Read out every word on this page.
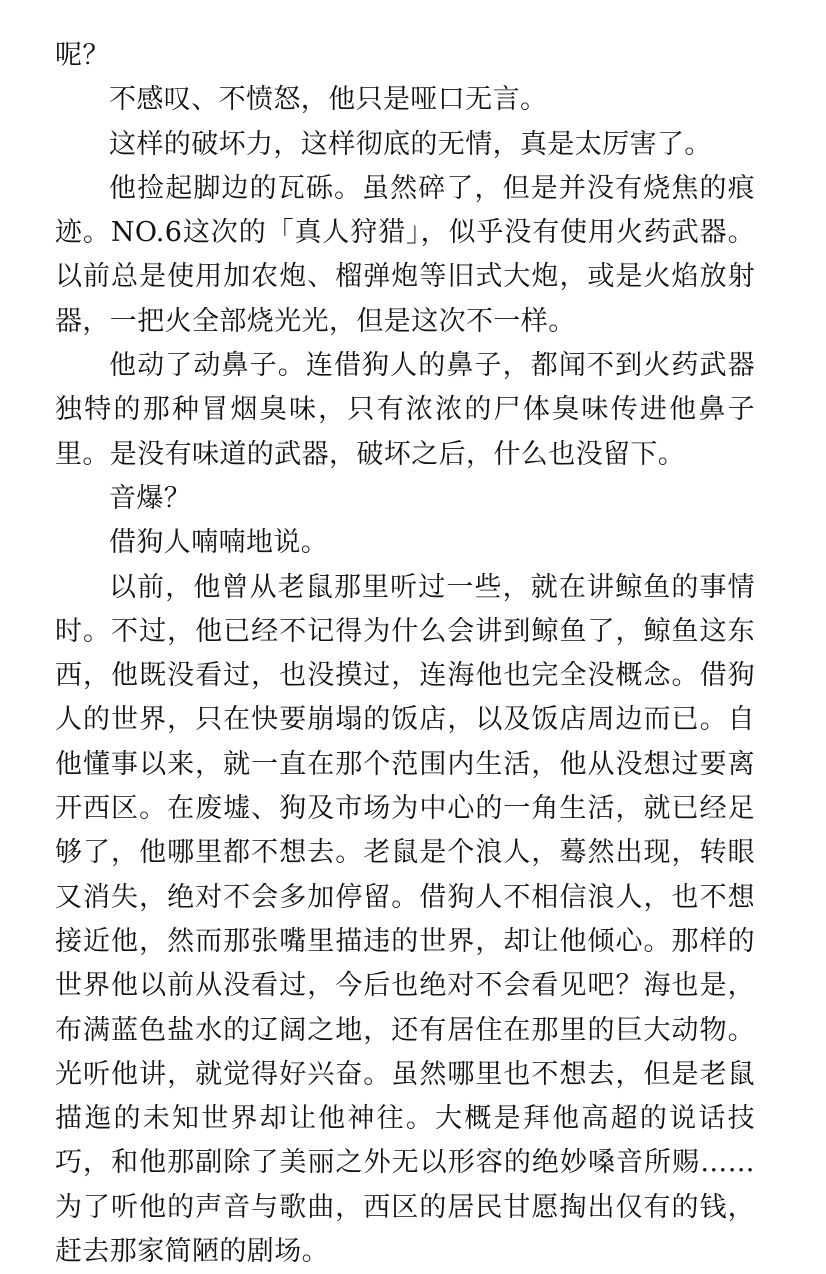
呢？

不感叹、不愤怒，他只是哑口无言。

这样的破坏力，这样彻底的无情，真是太厉害了。

他捡起脚边的瓦砾。虽然碎了，但是并没有烧焦的痕迹。NO.6这次的「真人狩猎」，似乎没有使用火药武器。以前总是使用加农炮、榴弹炮等旧式大炮，或是火焰放射器，一把火全部烧光光，但是这次不一样。

他动了动鼻子。连借狗人的鼻子，都闻不到火药武器独特的那种冒烟臭味，只有浓浓的尸体臭味传进他鼻子里。是没有味道的武器，破坏之后，什么也没留下。

音爆？

借狗人喃喃地说。

以前，他曾从老鼠那里听过一些，就在讲鲸鱼的事情时。不过，他已经不记得为什么会讲到鲸鱼了，鲸鱼这东西，他既没看过，也没摸过，连海他也完全没概念。借狗人的世界，只在快要崩塌的饭店，以及饭店周边而已。自他懂事以来，就一直在那个范围内生活，他从没想过要离开西区。在废墟、狗及市场为中心的一角生活，就已经足够了，他哪里都不想去。老鼠是个浪人，蓦然出现，转眼又消失，绝对不会多加停留。借狗人不相信浪人，也不想接近他，然而那张嘴里描违的世界，却让他倾心。那样的世界他以前从没看过，今后也绝对不会看见吧？海也是，布满蓝色盐水的辽阔之地，还有居住在那里的巨大动物。光听他讲，就觉得好兴奋。虽然哪里也不想去，但是老鼠描迤的未知世界却让他神往。大概是拜他高超的说话技巧，和他那副除了美丽之外无以形容的绝妙嗓音所赐……为了听他的声音与歌曲，西区的居民甘愿掏出仅有的钱，赶去那家简陋的剧场。
